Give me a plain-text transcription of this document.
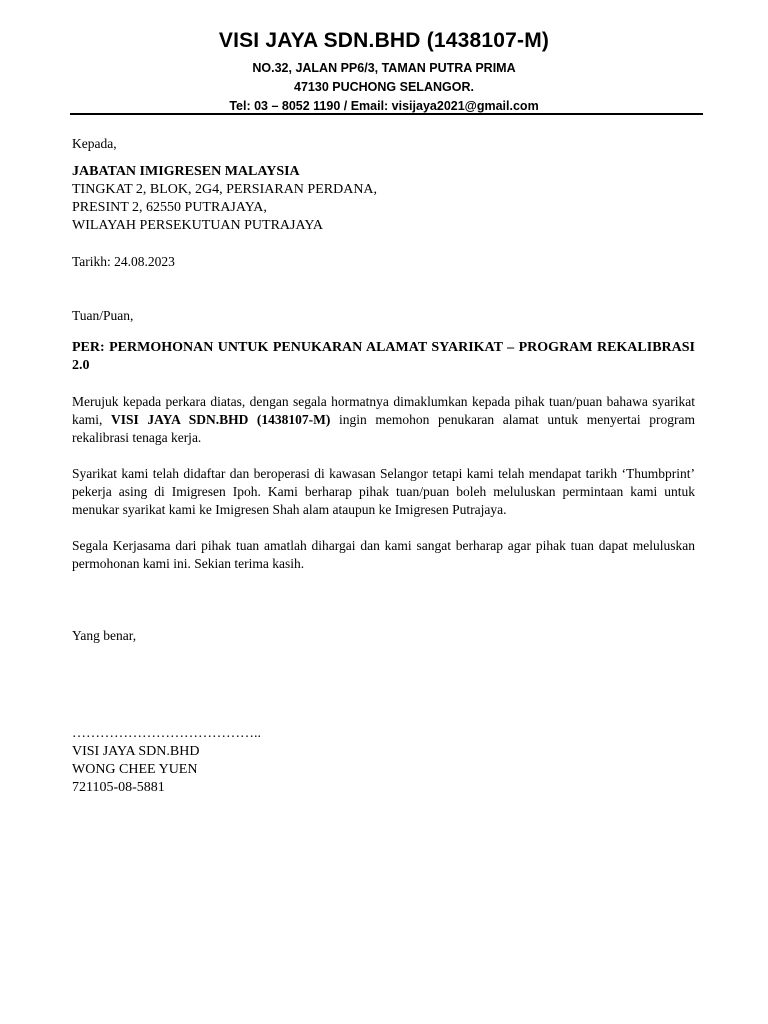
VISI JAYA SDN.BHD (1438107-M)
NO.32, JALAN PP6/3, TAMAN PUTRA PRIMA
47130 PUCHONG SELANGOR.
Tel: 03 – 8052 1190 / Email: visijaya2021@gmail.com

Kepada,

JABATAN IMIGRESEN MALAYSIA

TINGKAT 2, BLOK, 2G4, PERSIARAN PERDANA,

PRESINT 2, 62550 PUTRAJAYA,

WILAYAH PERSEKUTUAN PUTRAJAYA

Tarikh: 24.08.2023

Tuan/Puan,

PER: PERMOHONAN UNTUK PENUKARAN ALAMAT SYARIKAT – PROGRAM REKALIBRASI 2.0

Merujuk kepada perkara diatas, dengan segala hormatnya dimaklumkan kepada pihak tuan/puan bahawa syarikat kami, VISI JAYA SDN.BHD (1438107-M) ingin memohon penukaran alamat untuk menyertai program rekalibrasi tenaga kerja.

Syarikat kami telah didaftar dan beroperasi di kawasan Selangor tetapi kami telah mendapat tarikh ‘Thumbprint’ pekerja asing di Imigresen Ipoh. Kami berharap pihak tuan/puan boleh meluluskan permintaan kami untuk menukar syarikat kami ke Imigresen Shah alam ataupun ke Imigresen Putrajaya.

Segala Kerjasama dari pihak tuan amatlah dihargai dan kami sangat berharap agar pihak tuan dapat meluluskan permohonan kami ini. Sekian terima kasih.

Yang benar,

…………………………………..

VISI JAYA SDN.BHD

WONG CHEE YUEN

721105-08-5881
